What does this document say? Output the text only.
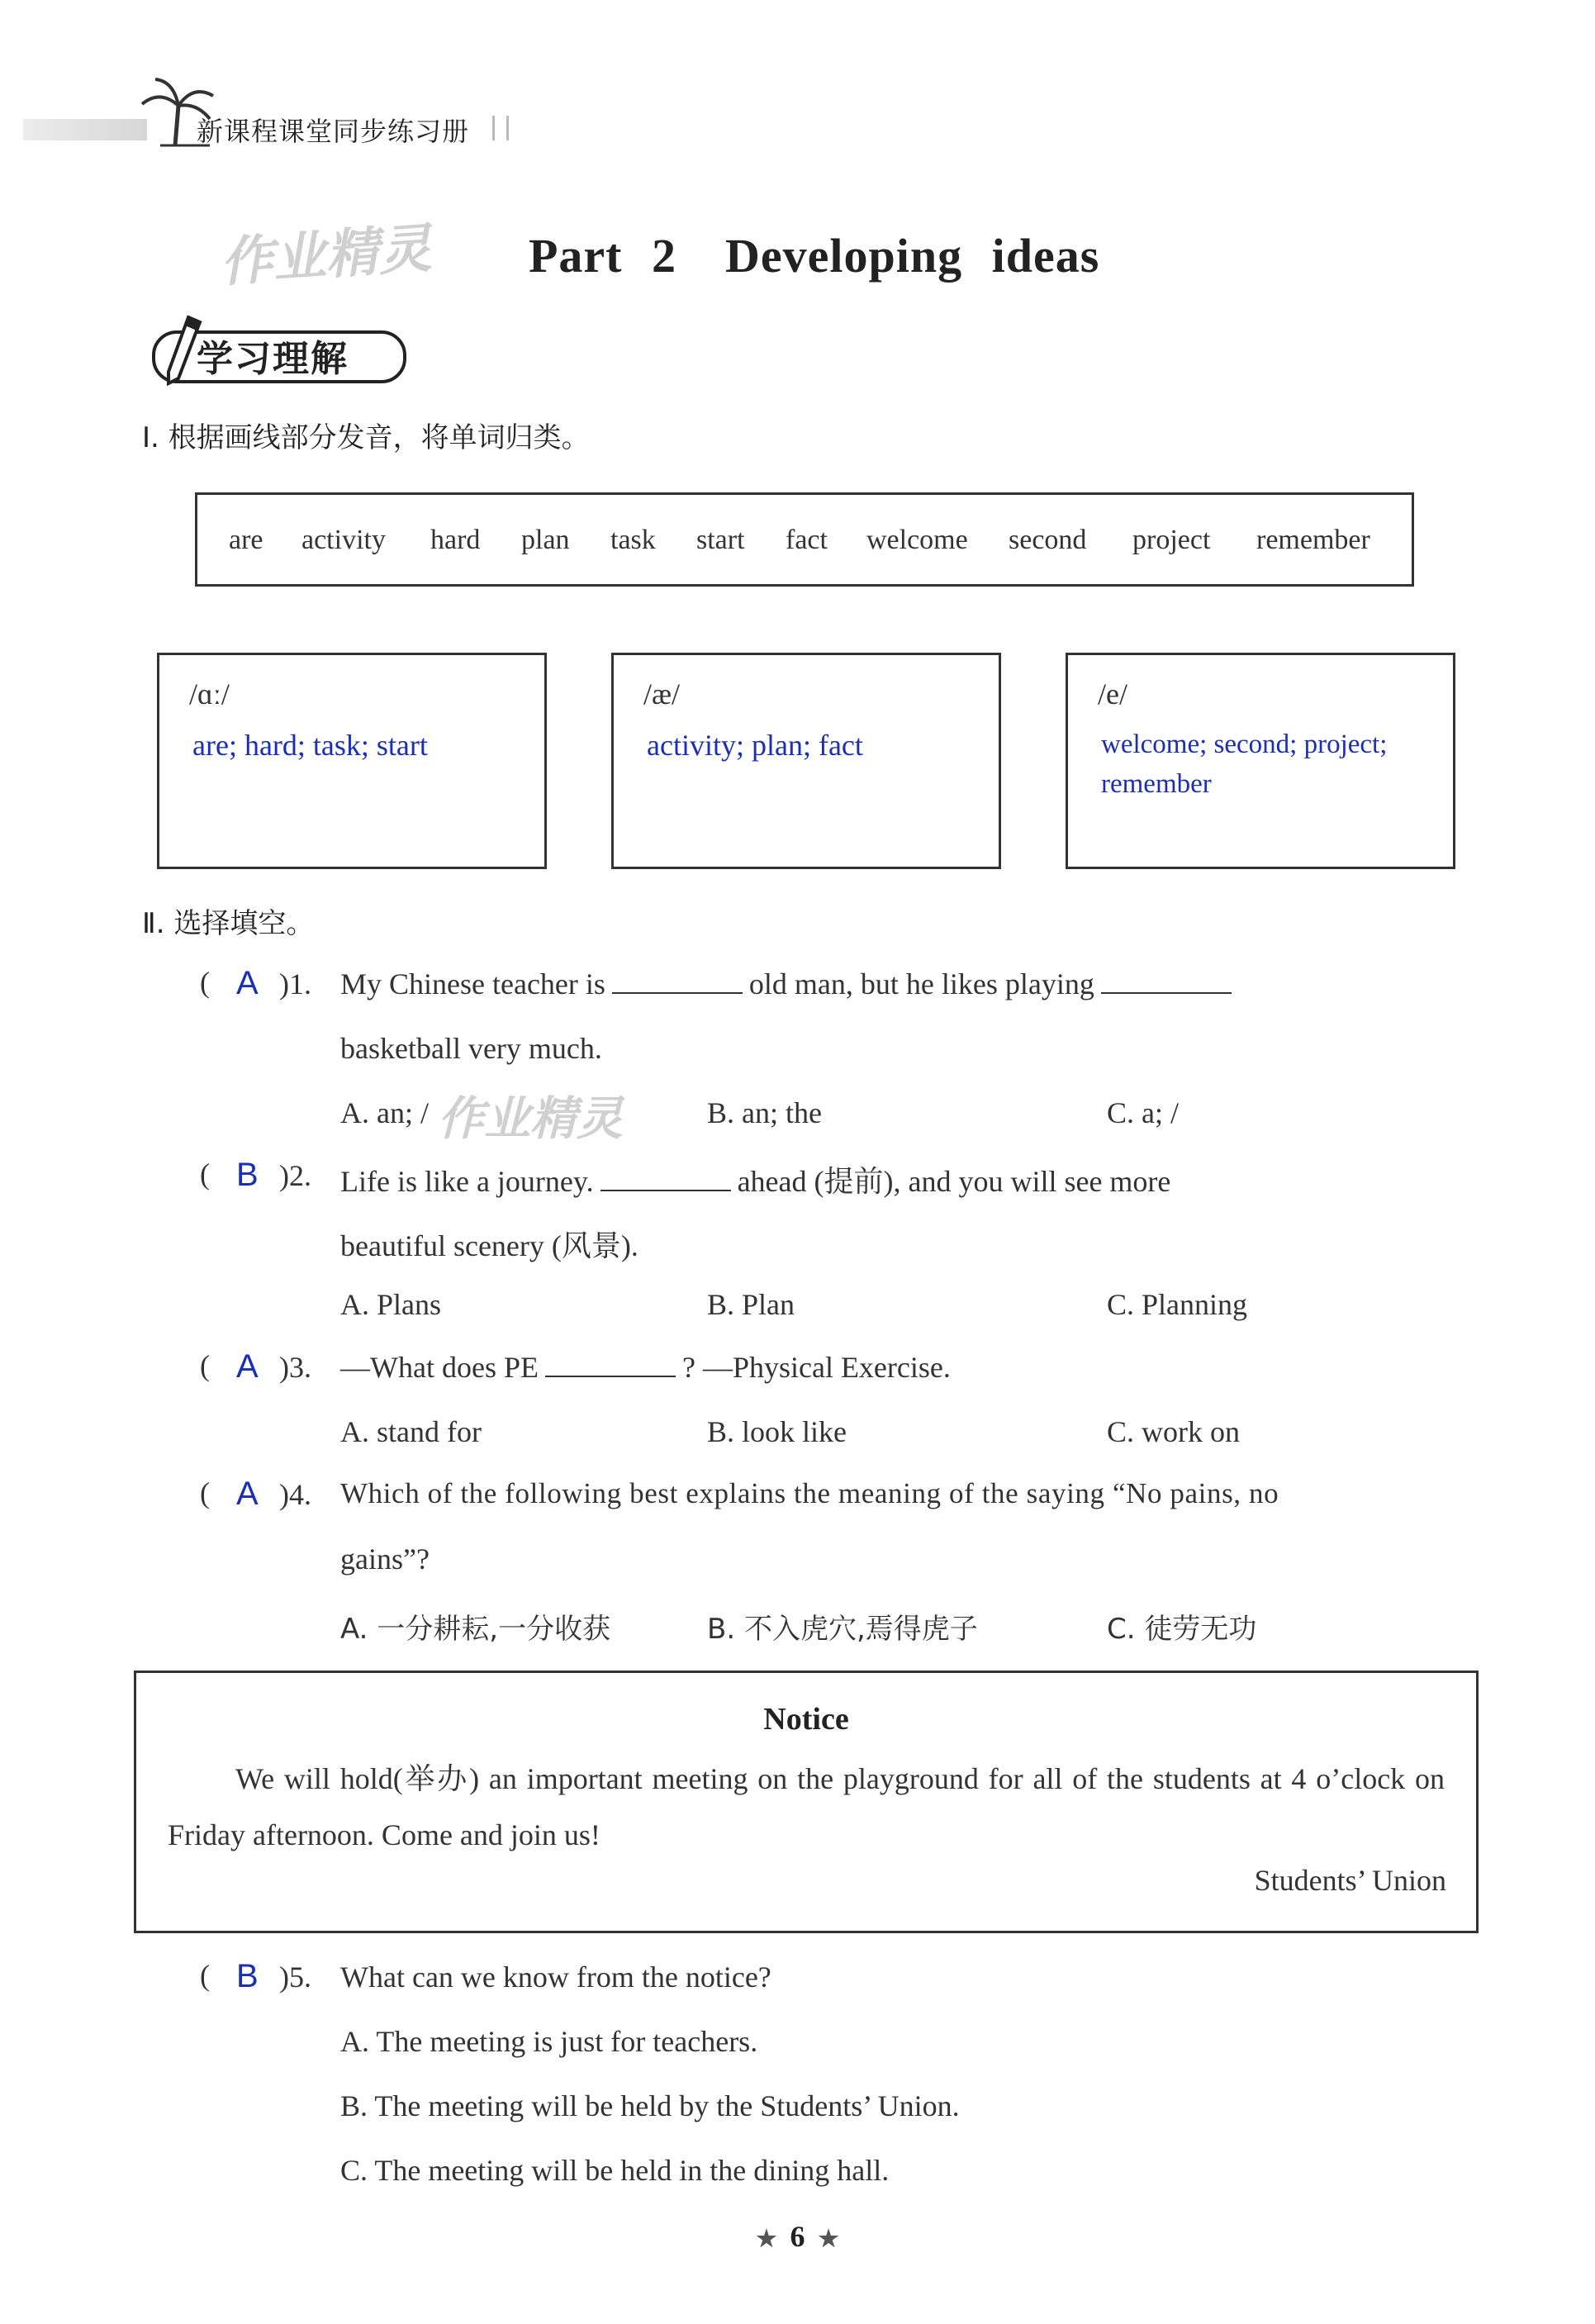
新课程课堂同步练习册
作业精灵 Part 2　Developing ideas
学习理解
Ⅰ. 根据画线部分发音，将单词归类。
are activity hard plan task start fact welcome second project remember
/ɑː/
are; hard; task; start
/æ/
activity; plan; fact
/e/
welcome; second; project; remember
Ⅱ. 选择填空。
( A )1. My Chinese teacher is	old man, but he likes playing
basketball very much.
A. an; /	B. an; the	C. a; /
作业精灵
( B )2. Life is like a journey.	ahead (提前), and you will see more
beautiful scenery (风景).
A. Plans	B. Plan	C. Planning
( A )3. —What does PE	? —Physical Exercise.
A. stand for	B. look like	C. work on
( A )4. Which of the following best explains the meaning of the saying “No pains, no
gains”?
A. 一分耕耘,一分收获	B. 不入虎穴,焉得虎子	C. 徒劳无功
Notice
We will hold(举办) an important meeting on the playground for all of the students at 4 o’clock on Friday afternoon. Come and join us!
Students’ Union
( B )5. What can we know from the notice?
A. The meeting is just for teachers.
B. The meeting will be held by the Students’ Union.
C. The meeting will be held in the dining hall.
★ 6 ★
